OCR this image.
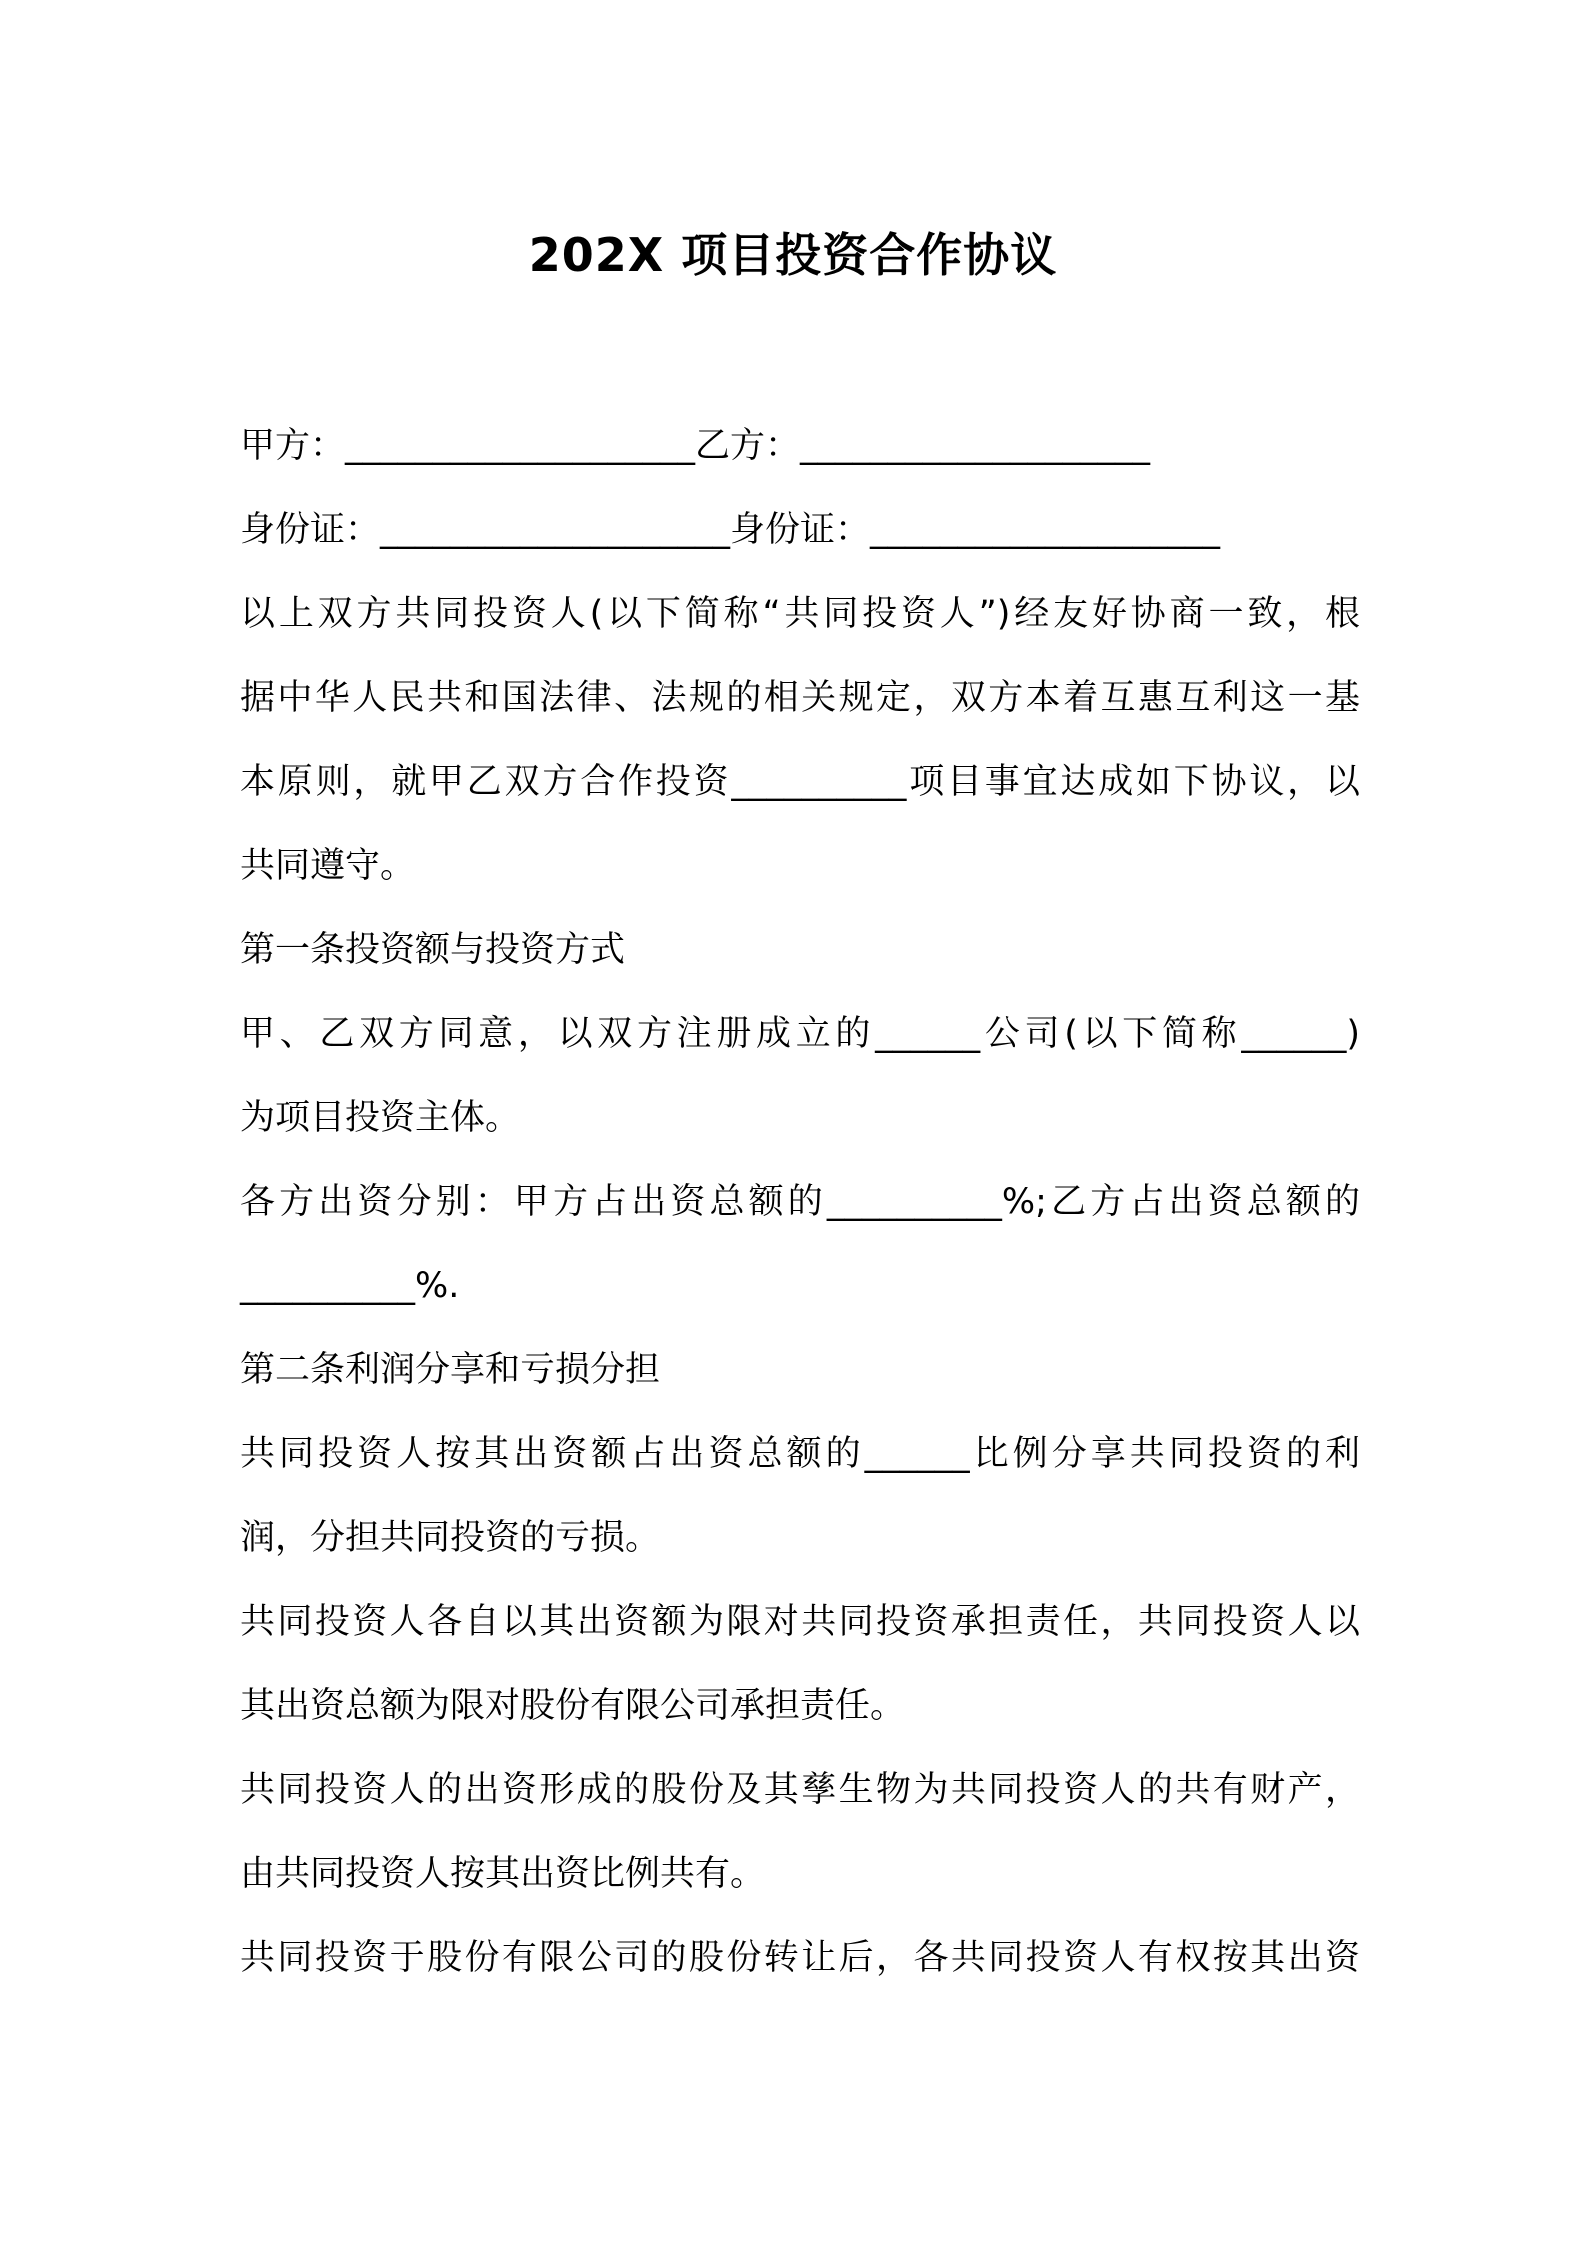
202X 项目投资合作协议

甲方：____________________乙方：____________________

身份证：____________________身份证：____________________

以上双方共同投资人(以下简称“共同投资人”)经友好协商一致，根

据中华人民共和国法律、法规的相关规定，双方本着互惠互利这一基

本原则，就甲乙双方合作投资__________项目事宜达成如下协议，以

共同遵守。

第一条投资额与投资方式

甲、乙双方同意，以双方注册成立的______公司(以下简称______)

为项目投资主体。

各方出资分别：甲方占出资总额的__________%;乙方占出资总额的

__________%.

第二条利润分享和亏损分担

共同投资人按其出资额占出资总额的______比例分享共同投资的利

润，分担共同投资的亏损。

共同投资人各自以其出资额为限对共同投资承担责任，共同投资人以

其出资总额为限对股份有限公司承担责任。

共同投资人的出资形成的股份及其孳生物为共同投资人的共有财产，

由共同投资人按其出资比例共有。

共同投资于股份有限公司的股份转让后，各共同投资人有权按其出资
